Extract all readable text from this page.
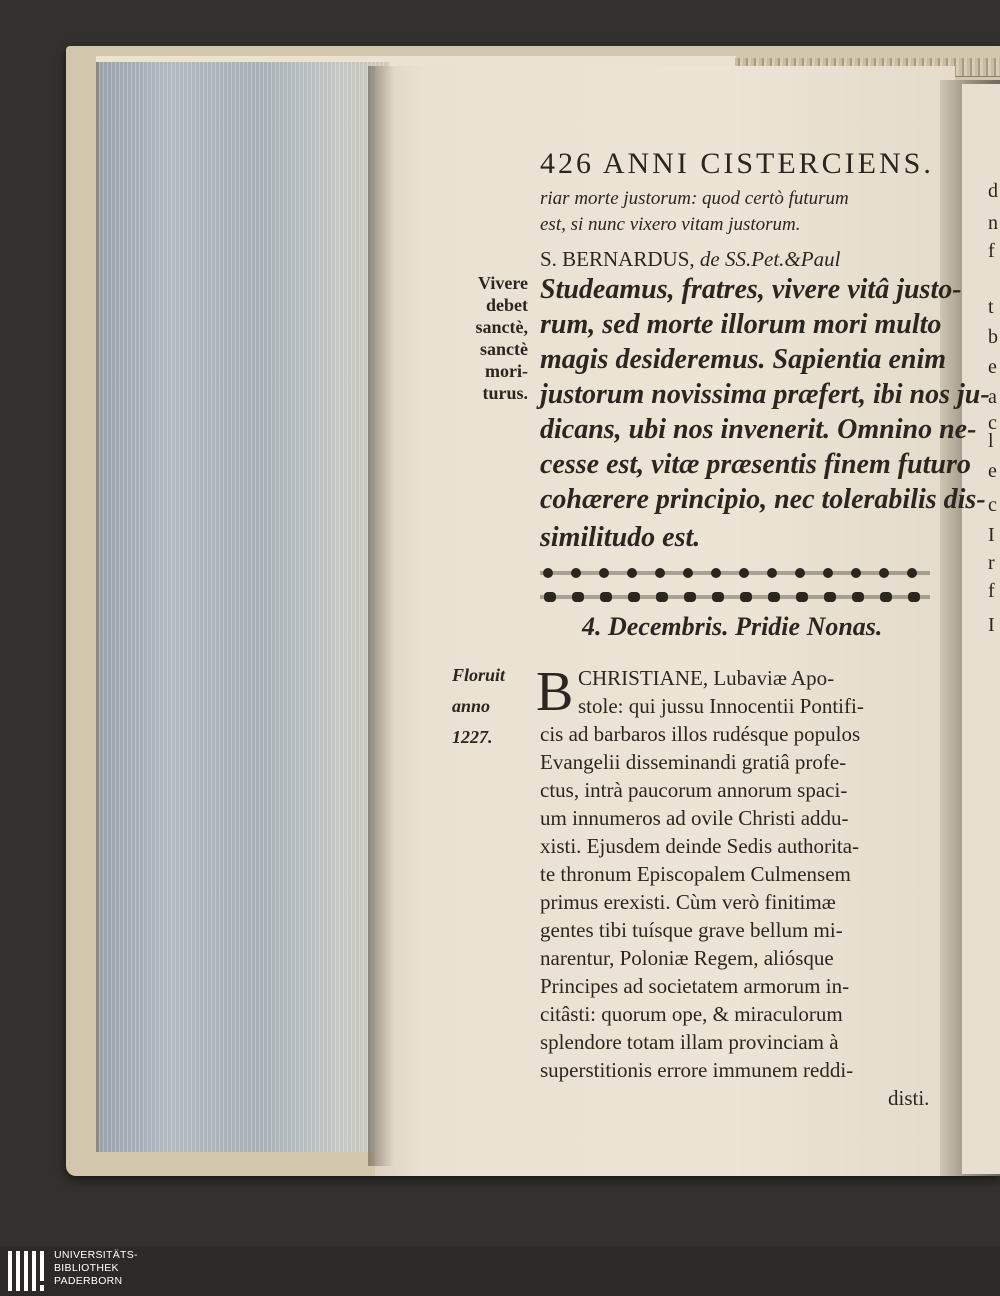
426 ANNI CISTERCIENS.
riar morte justorum: quod certò futurum
est, si nunc vixero vitam justorum.
S. BERNARDUS, de SS.Pet.&Paul
Vivere
debet
sanctè,
sanctè
mori-
turus.
Studeamus, fratres, vivere vitâ justo-
rum, sed morte illorum mori multo
magis desideremus. Sapientia enim
justorum novissima præfert, ibi nos ju-
dicans, ubi nos invenerit. Omnino ne-
cesse est, vitæ præsentis finem futuro
cohærere principio, nec tolerabilis dis-
similitudo est.
4. Decembris. Pridie Nonas.
Floruit
anno
1227.
B CHRISTIANE, Lubaviæ Apo-
stole: qui jussu Innocentii Pontifi-
cis ad barbaros illos rudésque populos
Evangelii disseminandi gratiâ profe-
ctus, intrà paucorum annorum spaci-
um innumeros ad ovile Christi addu-
xisti. Ejusdem deinde Sedis authorita-
te thronum Episcopalem Culmensem
primus erexisti. Cùm verò finitimæ
gentes tibi tuísque grave bellum mi-
narentur, Poloniæ Regem, aliósque
Principes ad societatem armorum in-
citâsti: quorum ope, & miraculorum
splendore totam illam provinciam à
superstitionis errore immunem reddi-
disti.
d
n
f
t
b
e
a
c
l
e
c
I
r
f
I
UNIVERSITÄTS-
BIBLIOTHEK
PADERBORN
